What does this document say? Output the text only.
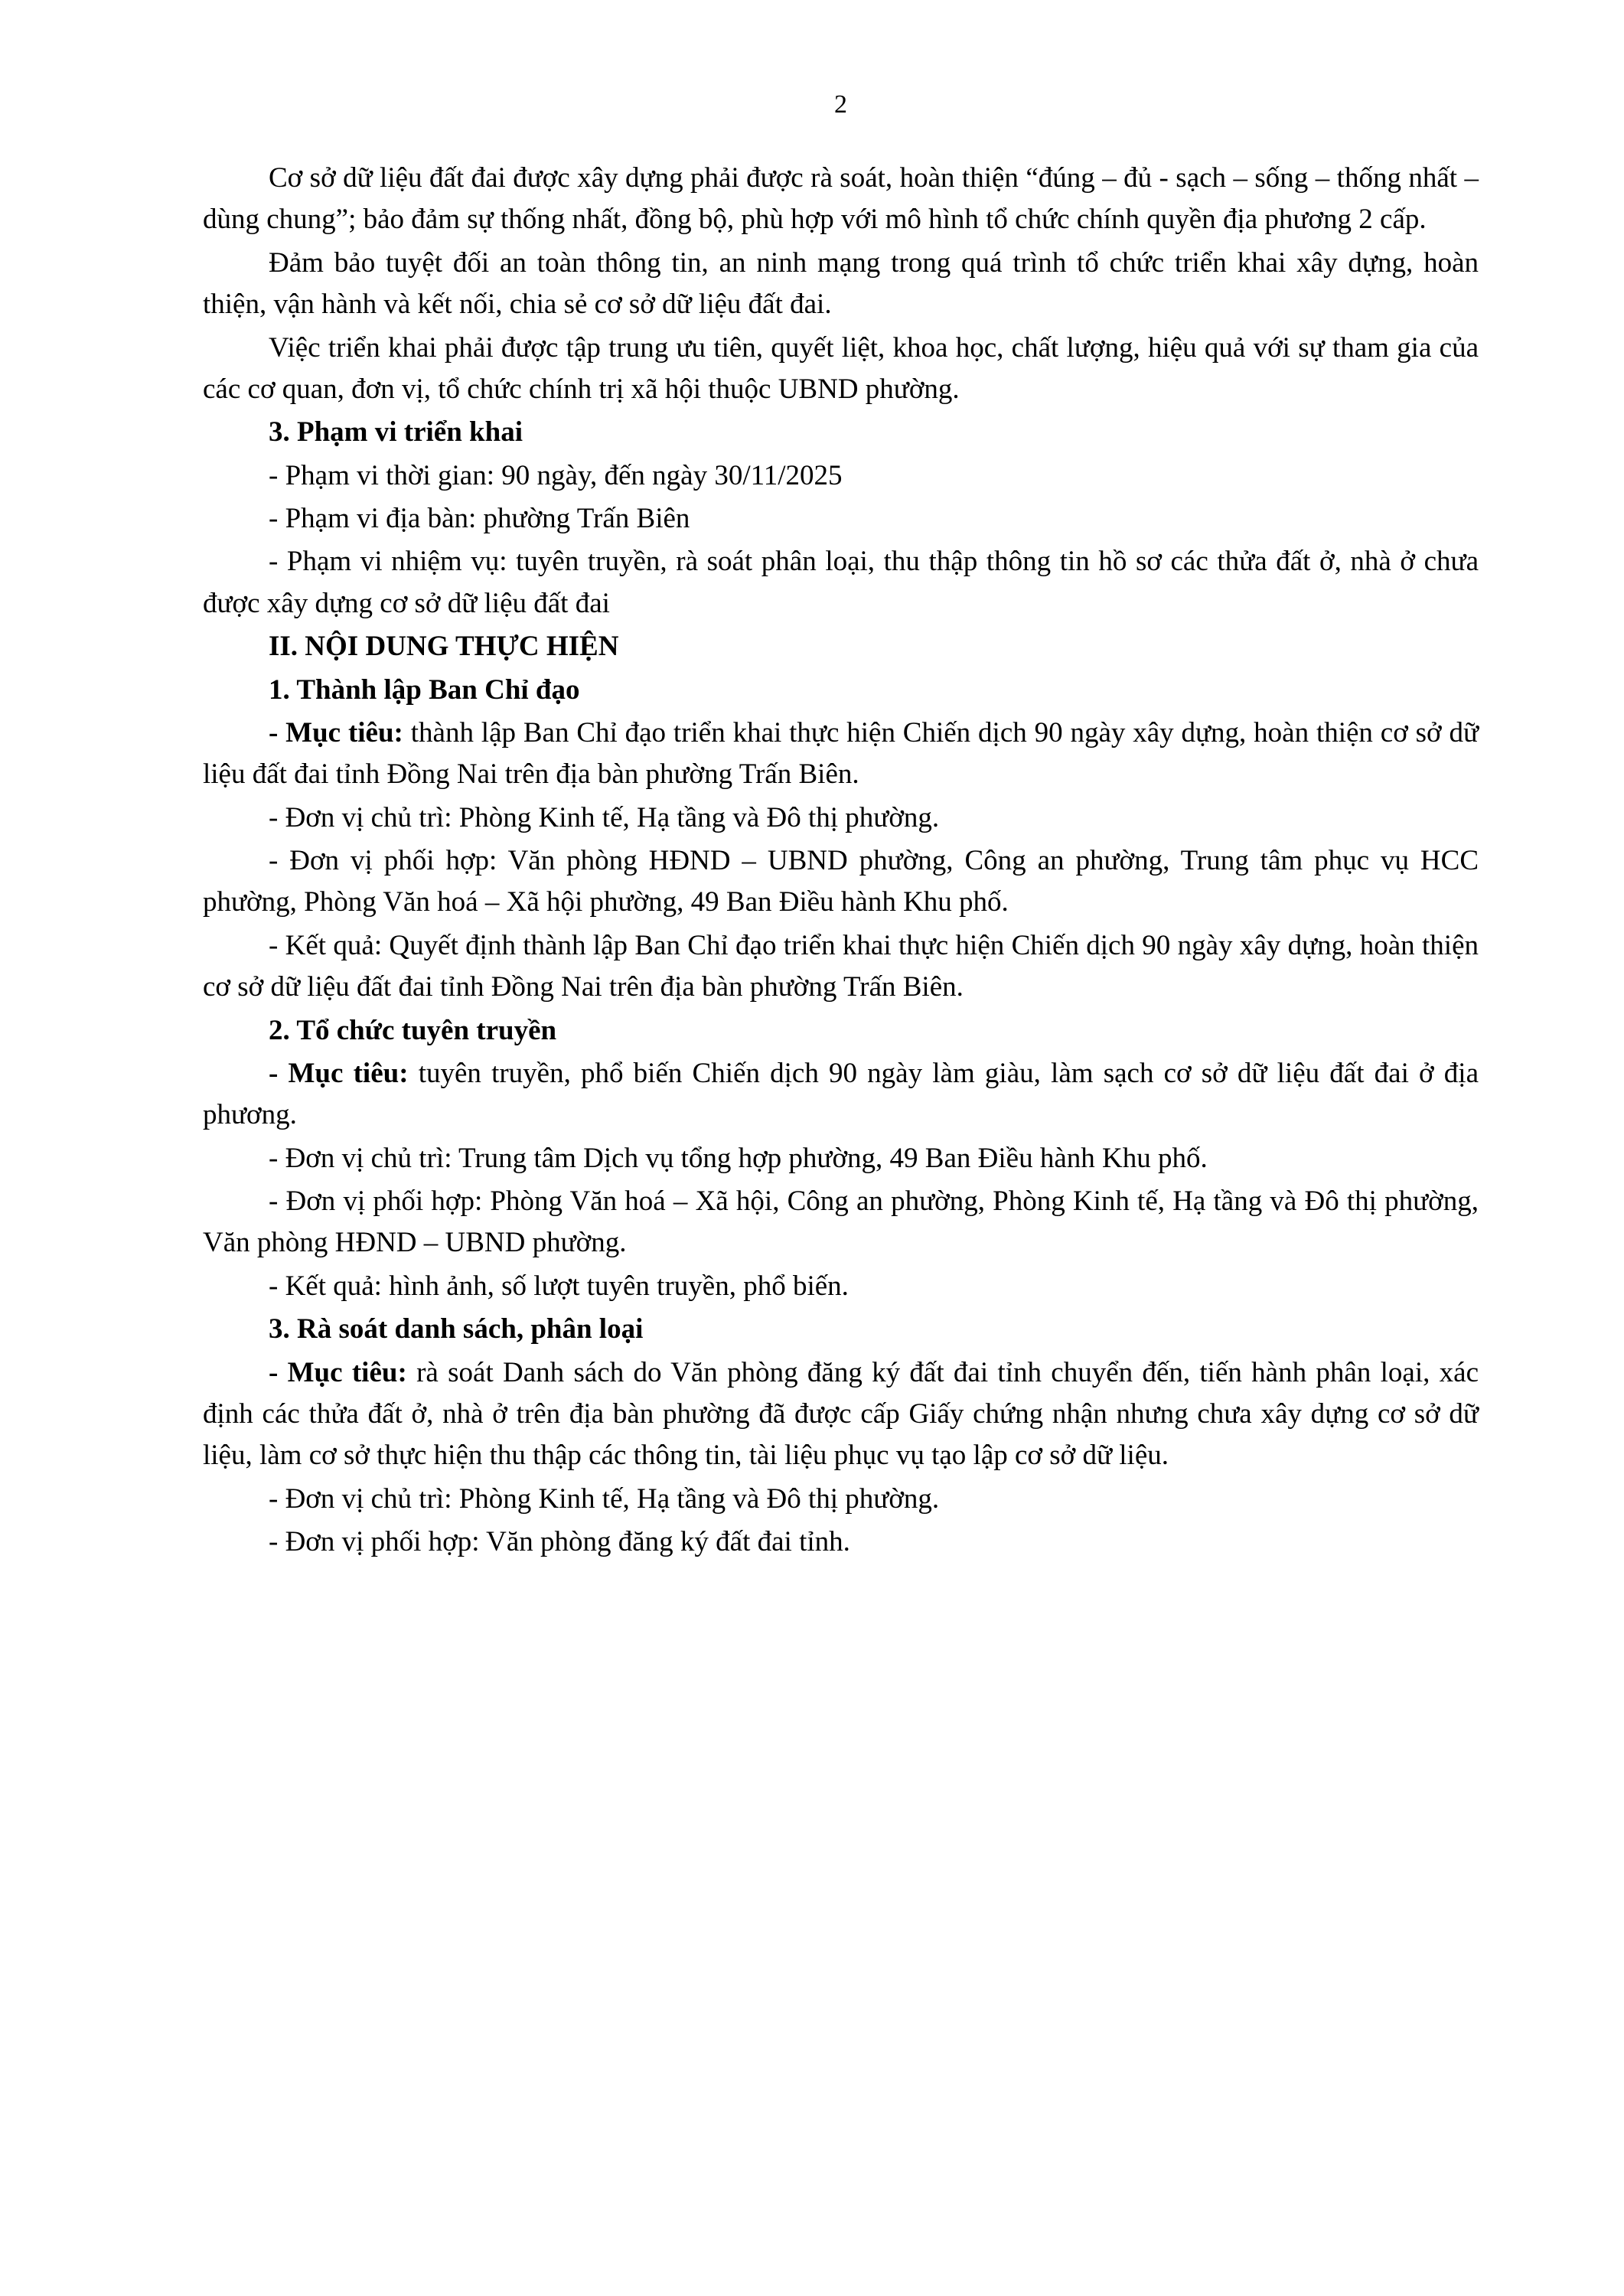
2

Cơ sở dữ liệu đất đai được xây dựng phải được rà soát, hoàn thiện “đúng – đủ - sạch – sống – thống nhất – dùng chung”; bảo đảm sự thống nhất, đồng bộ, phù hợp với mô hình tổ chức chính quyền địa phương 2 cấp.

Đảm bảo tuyệt đối an toàn thông tin, an ninh mạng trong quá trình tổ chức triển khai xây dựng, hoàn thiện, vận hành và kết nối, chia sẻ cơ sở dữ liệu đất đai.

Việc triển khai phải được tập trung ưu tiên, quyết liệt, khoa học, chất lượng, hiệu quả với sự tham gia của các cơ quan, đơn vị, tổ chức chính trị xã hội thuộc UBND phường.

3. Phạm vi triển khai

- Phạm vi thời gian: 90 ngày, đến ngày 30/11/2025

- Phạm vi địa bàn: phường Trấn Biên

- Phạm vi nhiệm vụ: tuyên truyền, rà soát phân loại, thu thập thông tin hồ sơ các thửa đất ở, nhà ở chưa được xây dựng cơ sở dữ liệu đất đai

II. NỘI DUNG THỰC HIỆN

1. Thành lập Ban Chỉ đạo

- Mục tiêu: thành lập Ban Chỉ đạo triển khai thực hiện Chiến dịch 90 ngày xây dựng, hoàn thiện cơ sở dữ liệu đất đai tỉnh Đồng Nai trên địa bàn phường Trấn Biên.

- Đơn vị chủ trì: Phòng Kinh tế, Hạ tầng và Đô thị phường.

- Đơn vị phối hợp: Văn phòng HĐND – UBND phường, Công an phường, Trung tâm phục vụ HCC phường, Phòng Văn hoá – Xã hội phường, 49 Ban Điều hành Khu phố.

- Kết quả: Quyết định thành lập Ban Chỉ đạo triển khai thực hiện Chiến dịch 90 ngày xây dựng, hoàn thiện cơ sở dữ liệu đất đai tỉnh Đồng Nai trên địa bàn phường Trấn Biên.

2. Tổ chức tuyên truyền

- Mục tiêu: tuyên truyền, phổ biến Chiến dịch 90 ngày làm giàu, làm sạch cơ sở dữ liệu đất đai ở địa phương.

- Đơn vị chủ trì: Trung tâm Dịch vụ tổng hợp phường, 49 Ban Điều hành Khu phố.

- Đơn vị phối hợp: Phòng Văn hoá – Xã hội, Công an phường, Phòng Kinh tế, Hạ tầng và Đô thị phường, Văn phòng HĐND – UBND phường.

- Kết quả: hình ảnh, số lượt tuyên truyền, phổ biến.

3. Rà soát danh sách, phân loại

- Mục tiêu: rà soát Danh sách do Văn phòng đăng ký đất đai tỉnh chuyển đến, tiến hành phân loại, xác định các thửa đất ở, nhà ở trên địa bàn phường đã được cấp Giấy chứng nhận nhưng chưa xây dựng cơ sở dữ liệu, làm cơ sở thực hiện thu thập các thông tin, tài liệu phục vụ tạo lập cơ sở dữ liệu.

- Đơn vị chủ trì: Phòng Kinh tế, Hạ tầng và Đô thị phường.

- Đơn vị phối hợp: Văn phòng đăng ký đất đai tỉnh.
